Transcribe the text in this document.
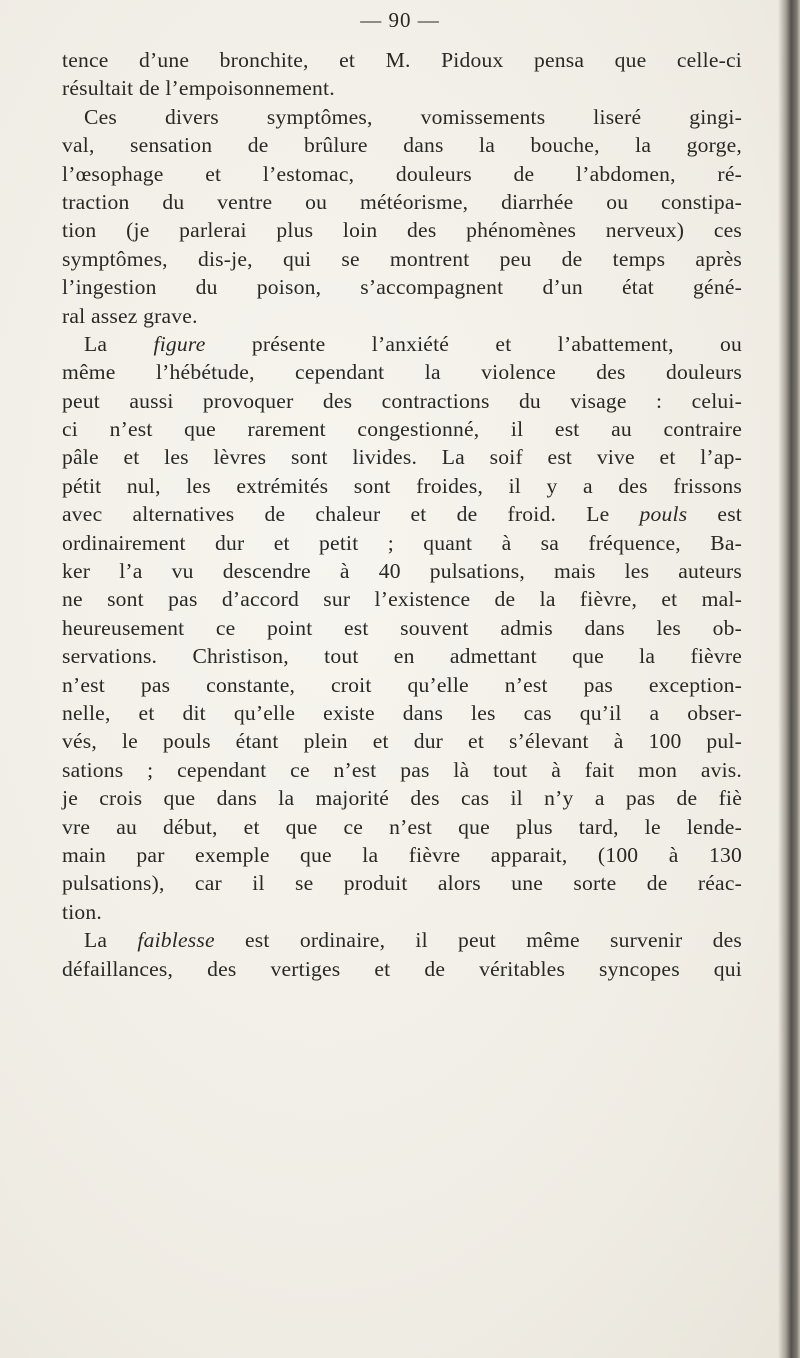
— 90 —
tence d’une bronchite, et M. Pidoux pensa que celle-ci
résultait de l’empoisonnement.
Ces divers symptômes, vomissements liseré gingi-
val, sensation de brûlure dans la bouche, la gorge,
l’œsophage et l’estomac, douleurs de l’abdomen, ré-
traction du ventre ou météorisme, diarrhée ou constipa-
tion (je parlerai plus loin des phénomènes nerveux) ces
symptômes, dis-je, qui se montrent peu de temps après
l’ingestion du poison, s’accompagnent d’un état géné-
ral assez grave.
La figure présente l’anxiété et l’abattement, ou
même l’hébétude, cependant la violence des douleurs
peut aussi provoquer des contractions du visage : celui-
ci n’est que rarement congestionné, il est au contraire
pâle et les lèvres sont livides. La soif est vive et l’ap-
pétit nul, les extrémités sont froides, il y a des frissons
avec alternatives de chaleur et de froid. Le pouls est
ordinairement dur et petit ; quant à sa fréquence, Ba-
ker l’a vu descendre à 40 pulsations, mais les auteurs
ne sont pas d’accord sur l’existence de la fièvre, et mal-
heureusement ce point est souvent admis dans les ob-
servations. Christison, tout en admettant que la fièvre
n’est pas constante, croit qu’elle n’est pas exception-
nelle, et dit qu’elle existe dans les cas qu’il a obser-
vés, le pouls étant plein et dur et s’élevant à 100 pul-
sations ; cependant ce n’est pas là tout à fait mon avis.
je crois que dans la majorité des cas il n’y a pas de fiè
vre au début, et que ce n’est que plus tard, le lende-
main par exemple que la fièvre apparait, (100 à 130
pulsations), car il se produit alors une sorte de réac-
tion.
La faiblesse est ordinaire, il peut même survenir des
défaillances, des vertiges et de véritables syncopes qui
